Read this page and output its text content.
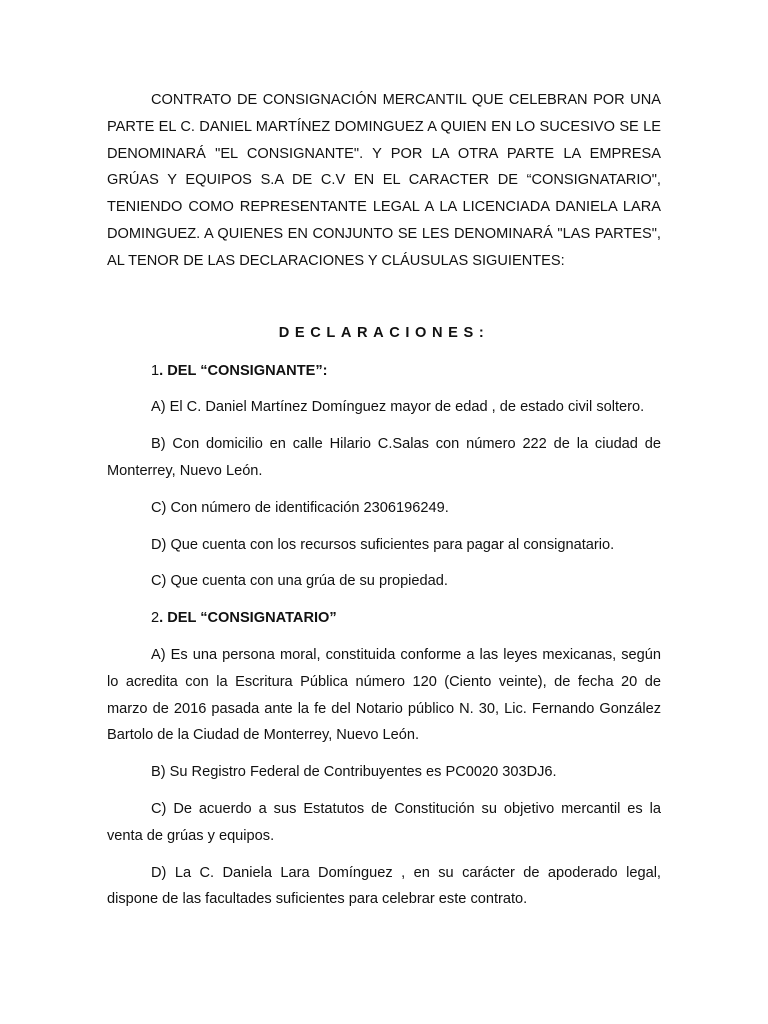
CONTRATO DE CONSIGNACIÓN MERCANTIL QUE CELEBRAN POR UNA PARTE EL C. DANIEL MARTÍNEZ DOMINGUEZ A QUIEN EN LO SUCESIVO SE LE DENOMINARÁ "EL CONSIGNANTE". Y POR LA OTRA PARTE LA EMPRESA GRÚAS Y EQUIPOS S.A DE C.V EN EL CARACTER DE “CONSIGNATARIO", TENIENDO COMO REPRESENTANTE LEGAL A LA LICENCIADA DANIELA LARA DOMINGUEZ. A QUIENES EN CONJUNTO SE LES DENOMINARÁ "LAS PARTES", AL TENOR DE LAS DECLARACIONES Y CLÁUSULAS SIGUIENTES:

DECLARACIONES:

1. DEL “CONSIGNANTE”:

A) El C. Daniel Martínez Domínguez mayor de edad , de estado civil soltero.

B) Con domicilio en calle Hilario C.Salas con número 222 de la ciudad de Monterrey, Nuevo León.

C) Con número de identificación 2306196249.

D) Que cuenta con los recursos suficientes para pagar al consignatario.

C) Que cuenta con una grúa de su propiedad.

2. DEL “CONSIGNATARIO”

A) Es una persona moral, constituida conforme a las leyes mexicanas, según lo acredita con la Escritura Pública número 120 (Ciento veinte), de fecha 20 de marzo de 2016 pasada ante la fe del Notario público N. 30, Lic. Fernando González Bartolo de la Ciudad de Monterrey, Nuevo León.

B) Su Registro Federal de Contribuyentes es PC0020 303DJ6.

C) De acuerdo a sus Estatutos de Constitución su objetivo mercantil es la venta de grúas y equipos.

D) La C. Daniela Lara Domínguez , en su carácter de apoderado legal, dispone de las facultades suficientes para celebrar este contrato.
